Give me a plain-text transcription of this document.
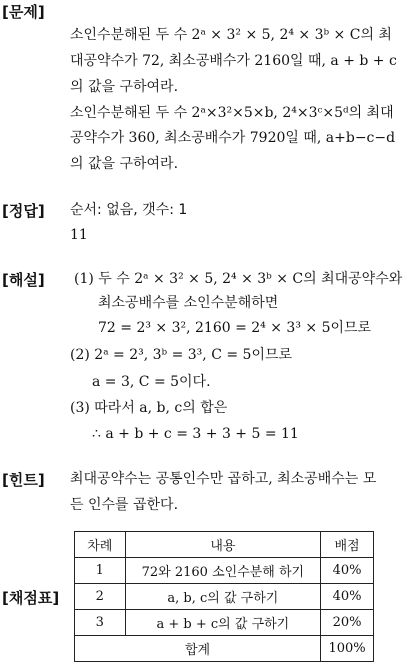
[문제]
소인수분해된 두 수 2ᵃ × 3² × 5, 2⁴ × 3ᵇ × C의 최
대공약수가 72, 최소공배수가 2160일 때, a + b + c
의 값을 구하여라.
소인수분해된 두 수 2ᵃ×3²×5×b, 2⁴×3ᶜ×5ᵈ의 최대
공약수가 360, 최소공배수가 7920일 때, a+b−c−d
의 값을 구하여라.
[정답] 순서: 없음, 갯수: 1
11
[해설] (1) 두 수 2ᵃ × 3² × 5, 2⁴ × 3ᵇ × C의 최대공약수와
최소공배수를 소인수분해하면
72 = 2³ × 3², 2160 = 2⁴ × 3³ × 5이므로
(2) 2ᵃ = 2³, 3ᵇ = 3³, C = 5이므로
a = 3, C = 5이다.
(3) 따라서 a, b, c의 합은
∴ a + b + c = 3 + 3 + 5 = 11
[힌트] 최대공약수는 공통인수만 곱하고, 최소공배수는 모
든 인수를 곱한다.
[채점표]
차례	내용	배점
1	72와 2160 소인수분해 하기	40%
2	a, b, c의 값 구하기	40%
3	a + b + c의 값 구하기	20%
합계		100%
